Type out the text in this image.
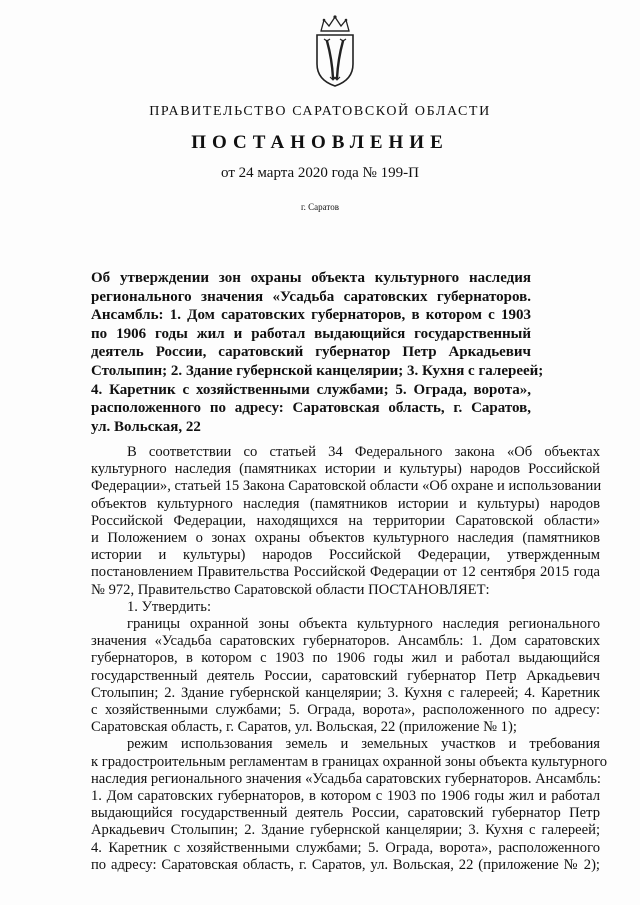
ПРАВИТЕЛЬСТВО САРАТОВСКОЙ ОБЛАСТИ
ПОСТАНОВЛЕНИЕ
от 24 марта 2020 года № 199-П
г. Саратов
Об утверждении зон охраны объекта культурного наследия
регионального значения «Усадьба саратовских губернаторов.
Ансамбль: 1. Дом саратовских губернаторов, в котором с 1903
по 1906 годы жил и работал выдающийся государственный
деятель России, саратовский губернатор Петр Аркадьевич
Столыпин; 2. Здание губернской канцелярии; 3. Кухня с галереей;
4. Каретник с хозяйственными службами; 5. Ограда, ворота»,
расположенного по адресу: Саратовская область, г. Саратов,
ул. Вольская, 22
В соответствии со статьей 34 Федерального закона «Об объектах
культурного наследия (памятниках истории и культуры) народов Российской
Федерации», статьей 15 Закона Саратовской области «Об охране и использовании
объектов культурного наследия (памятников истории и культуры) народов
Российской Федерации, находящихся на территории Саратовской области»
и Положением о зонах охраны объектов культурного наследия (памятников
истории и культуры) народов Российской Федерации, утвержденным
постановлением Правительства Российской Федерации от 12 сентября 2015 года
№ 972, Правительство Саратовской области ПОСТАНОВЛЯЕТ:
1. Утвердить:
границы охранной зоны объекта культурного наследия регионального
значения «Усадьба саратовских губернаторов. Ансамбль: 1. Дом саратовских
губернаторов, в котором с 1903 по 1906 годы жил и работал выдающийся
государственный деятель России, саратовский губернатор Петр Аркадьевич
Столыпин; 2. Здание губернской канцелярии; 3. Кухня с галереей; 4. Каретник
с хозяйственными службами; 5. Ограда, ворота», расположенного по адресу:
Саратовская область, г. Саратов, ул. Вольская, 22 (приложение № 1);
режим использования земель и земельных участков и требования
к градостроительным регламентам в границах охранной зоны объекта культурного
наследия регионального значения «Усадьба саратовских губернаторов. Ансамбль:
1. Дом саратовских губернаторов, в котором с 1903 по 1906 годы жил и работал
выдающийся государственный деятель России, саратовский губернатор Петр
Аркадьевич Столыпин; 2. Здание губернской канцелярии; 3. Кухня с галереей;
4. Каретник с хозяйственными службами; 5. Ограда, ворота», расположенного
по адресу: Саратовская область, г. Саратов, ул. Вольская, 22 (приложение № 2);
